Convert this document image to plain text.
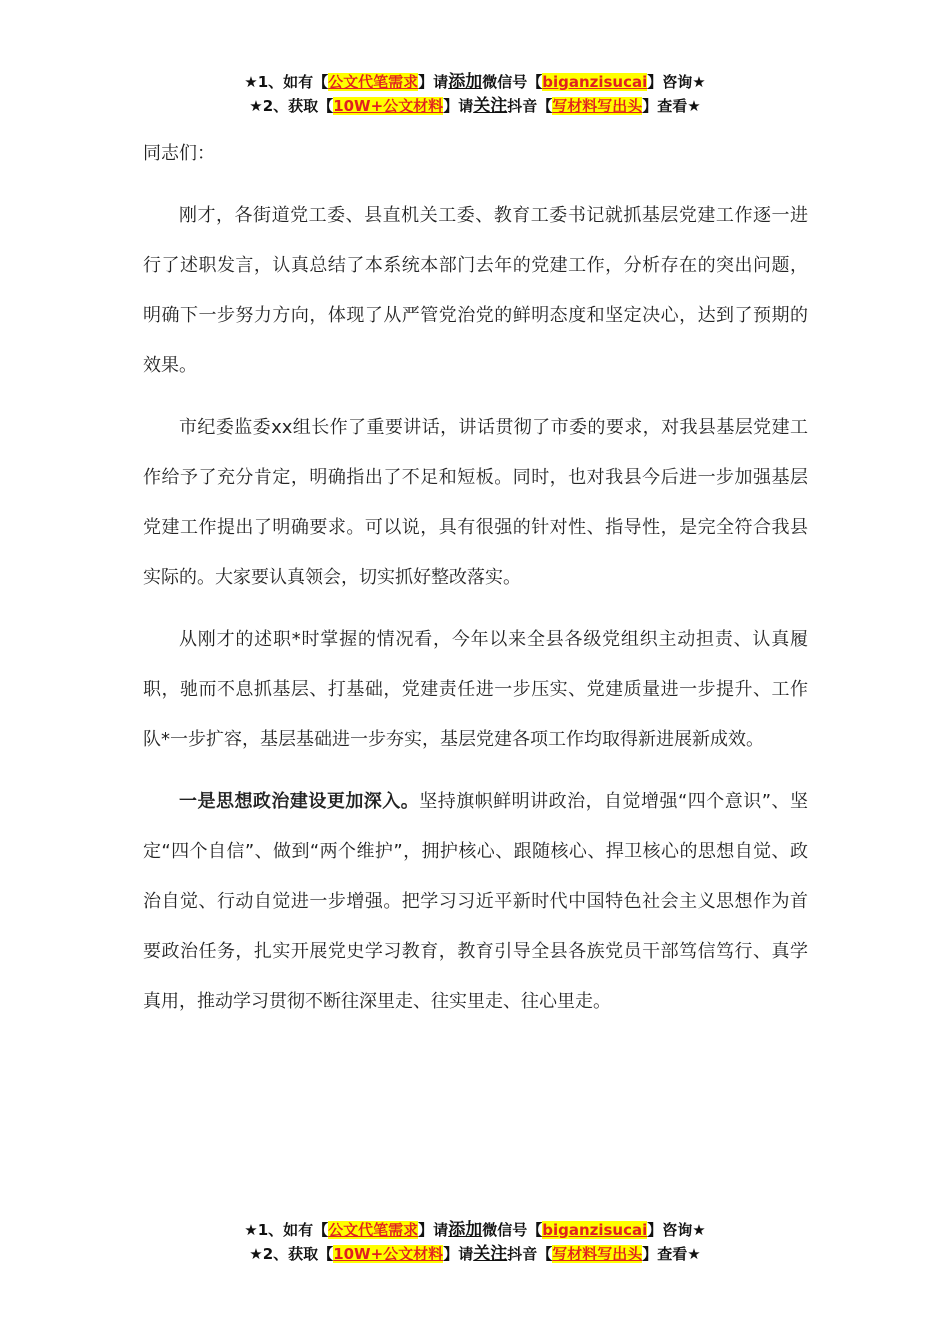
★1、如有【公文代笔需求】请添加微信号【biganzisucai】咨询★
★2、获取【10W+公文材料】请关注抖音【写材料写出头】查看★

同志们：

刚才，各街道党工委、县直机关工委、教育工委书记就抓基层党建工作逐一进行了述职发言，认真总结了本系统本部门去年的党建工作，分析存在的突出问题，明确下一步努力方向，体现了从严管党治党的鲜明态度和坚定决心，达到了预期的效果。

市纪委监委xx组长作了重要讲话，讲话贯彻了市委的要求，对我县基层党建工作给予了充分肯定，明确指出了不足和短板。同时，也对我县今后进一步加强基层党建工作提出了明确要求。可以说，具有很强的针对性、指导性，是完全符合我县实际的。大家要认真领会，切实抓好整改落实。

从刚才的述职*时掌握的情况看，今年以来全县各级党组织主动担责、认真履职，驰而不息抓基层、打基础，党建责任进一步压实、党建质量进一步提升、工作队*一步扩容，基层基础进一步夯实，基层党建各项工作均取得新进展新成效。

一是思想政治建设更加深入。坚持旗帜鲜明讲政治，自觉增强“四个意识”、坚定“四个自信”、做到“两个维护”，拥护核心、跟随核心、捍卫核心的思想自觉、政治自觉、行动自觉进一步增强。把学习习近平新时代中国特色社会主义思想作为首要政治任务，扎实开展党史学习教育，教育引导全县各族党员干部笃信笃行、真学真用，推动学习贯彻不断往深里走、往实里走、往心里走。

★1、如有【公文代笔需求】请添加微信号【biganzisucai】咨询★
★2、获取【10W+公文材料】请关注抖音【写材料写出头】查看★
